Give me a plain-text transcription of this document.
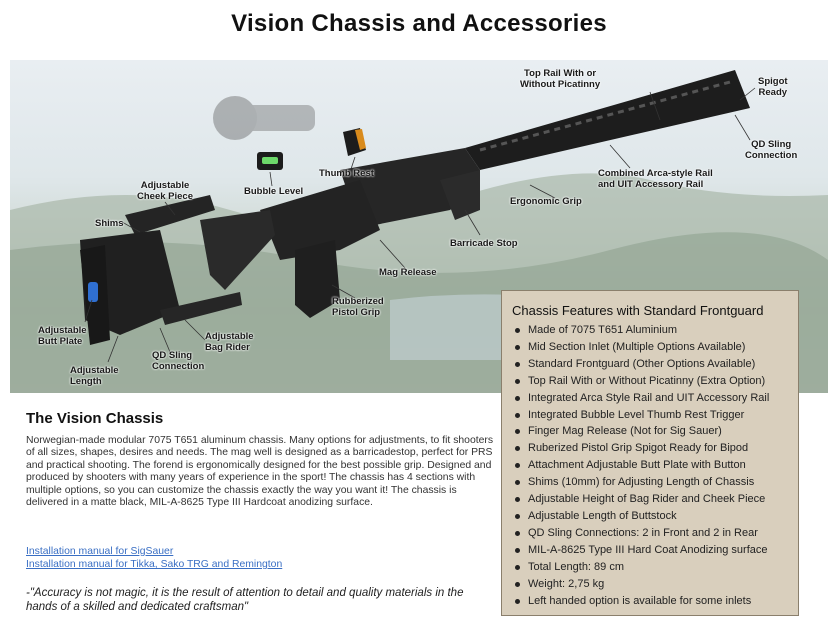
Vision Chassis and Accessories
Top Rail With or
Without Picatinny	Spigot
Ready
QD Sling
Connection
Combined Arca-style Rail
and UIT Accessory Rail
Ergonomic Grip
Barricade Stop
Mag Release
Rubberized
Pistol Grip
Thumb Rest
Bubble Level
Adjustable
Cheek Piece
Shims
Adjustable
Butt Plate	Adjustable
Bag Rider
QD Sling
Connection
Adjustable
Length
Chassis Features with Standard Frontguard
Made of 7075 T651 Aluminium
Mid Section Inlet (Multiple Options Available)
Standard Frontguard (Other Options Available)
Top Rail With or Without Picatinny (Extra Option)
Integrated Arca Style Rail and UIT Accessory Rail
Integrated Bubble Level Thumb Rest Trigger
Finger Mag Release (Not for Sig Sauer)
Ruberized Pistol Grip Spigot Ready for Bipod
Attachment Adjustable Butt Plate with Button
Shims (10mm) for Adjusting Length of Chassis
Adjustable Height of Bag Rider and Cheek Piece
Adjustable Length of Buttstock
QD Sling Connections: 2 in Front and 2 in Rear
MIL-A-8625 Type III Hard Coat Anodizing surface
Total Length: 89 cm
Weight: 2,75 kg
Left handed option is available for some inlets
The Vision Chassis
Norwegian-made modular 7075 T651 aluminum chassis. Many options for adjustments, to fit shooters of all sizes, shapes, desires and needs. The mag well is designed as a barricadestop, perfect for PRS and practical shooting. The forend is ergonomically designed for the best possible grip. Designed and produced by shooters with many years of experience in the sport! The chassis has 4 sections with multiple options, so you can customize the chassis exactly the way you want it! The chassis is delivered in a matte black, MIL-A-8625 Type III Hardcoat anodizing surface.
Installation manual for SigSauer
Installation manual for Tikka, Sako TRG and Remington
-"Accuracy is not magic, it is the result of attention to detail and quality materials in the hands of a skilled and dedicated craftsman"
